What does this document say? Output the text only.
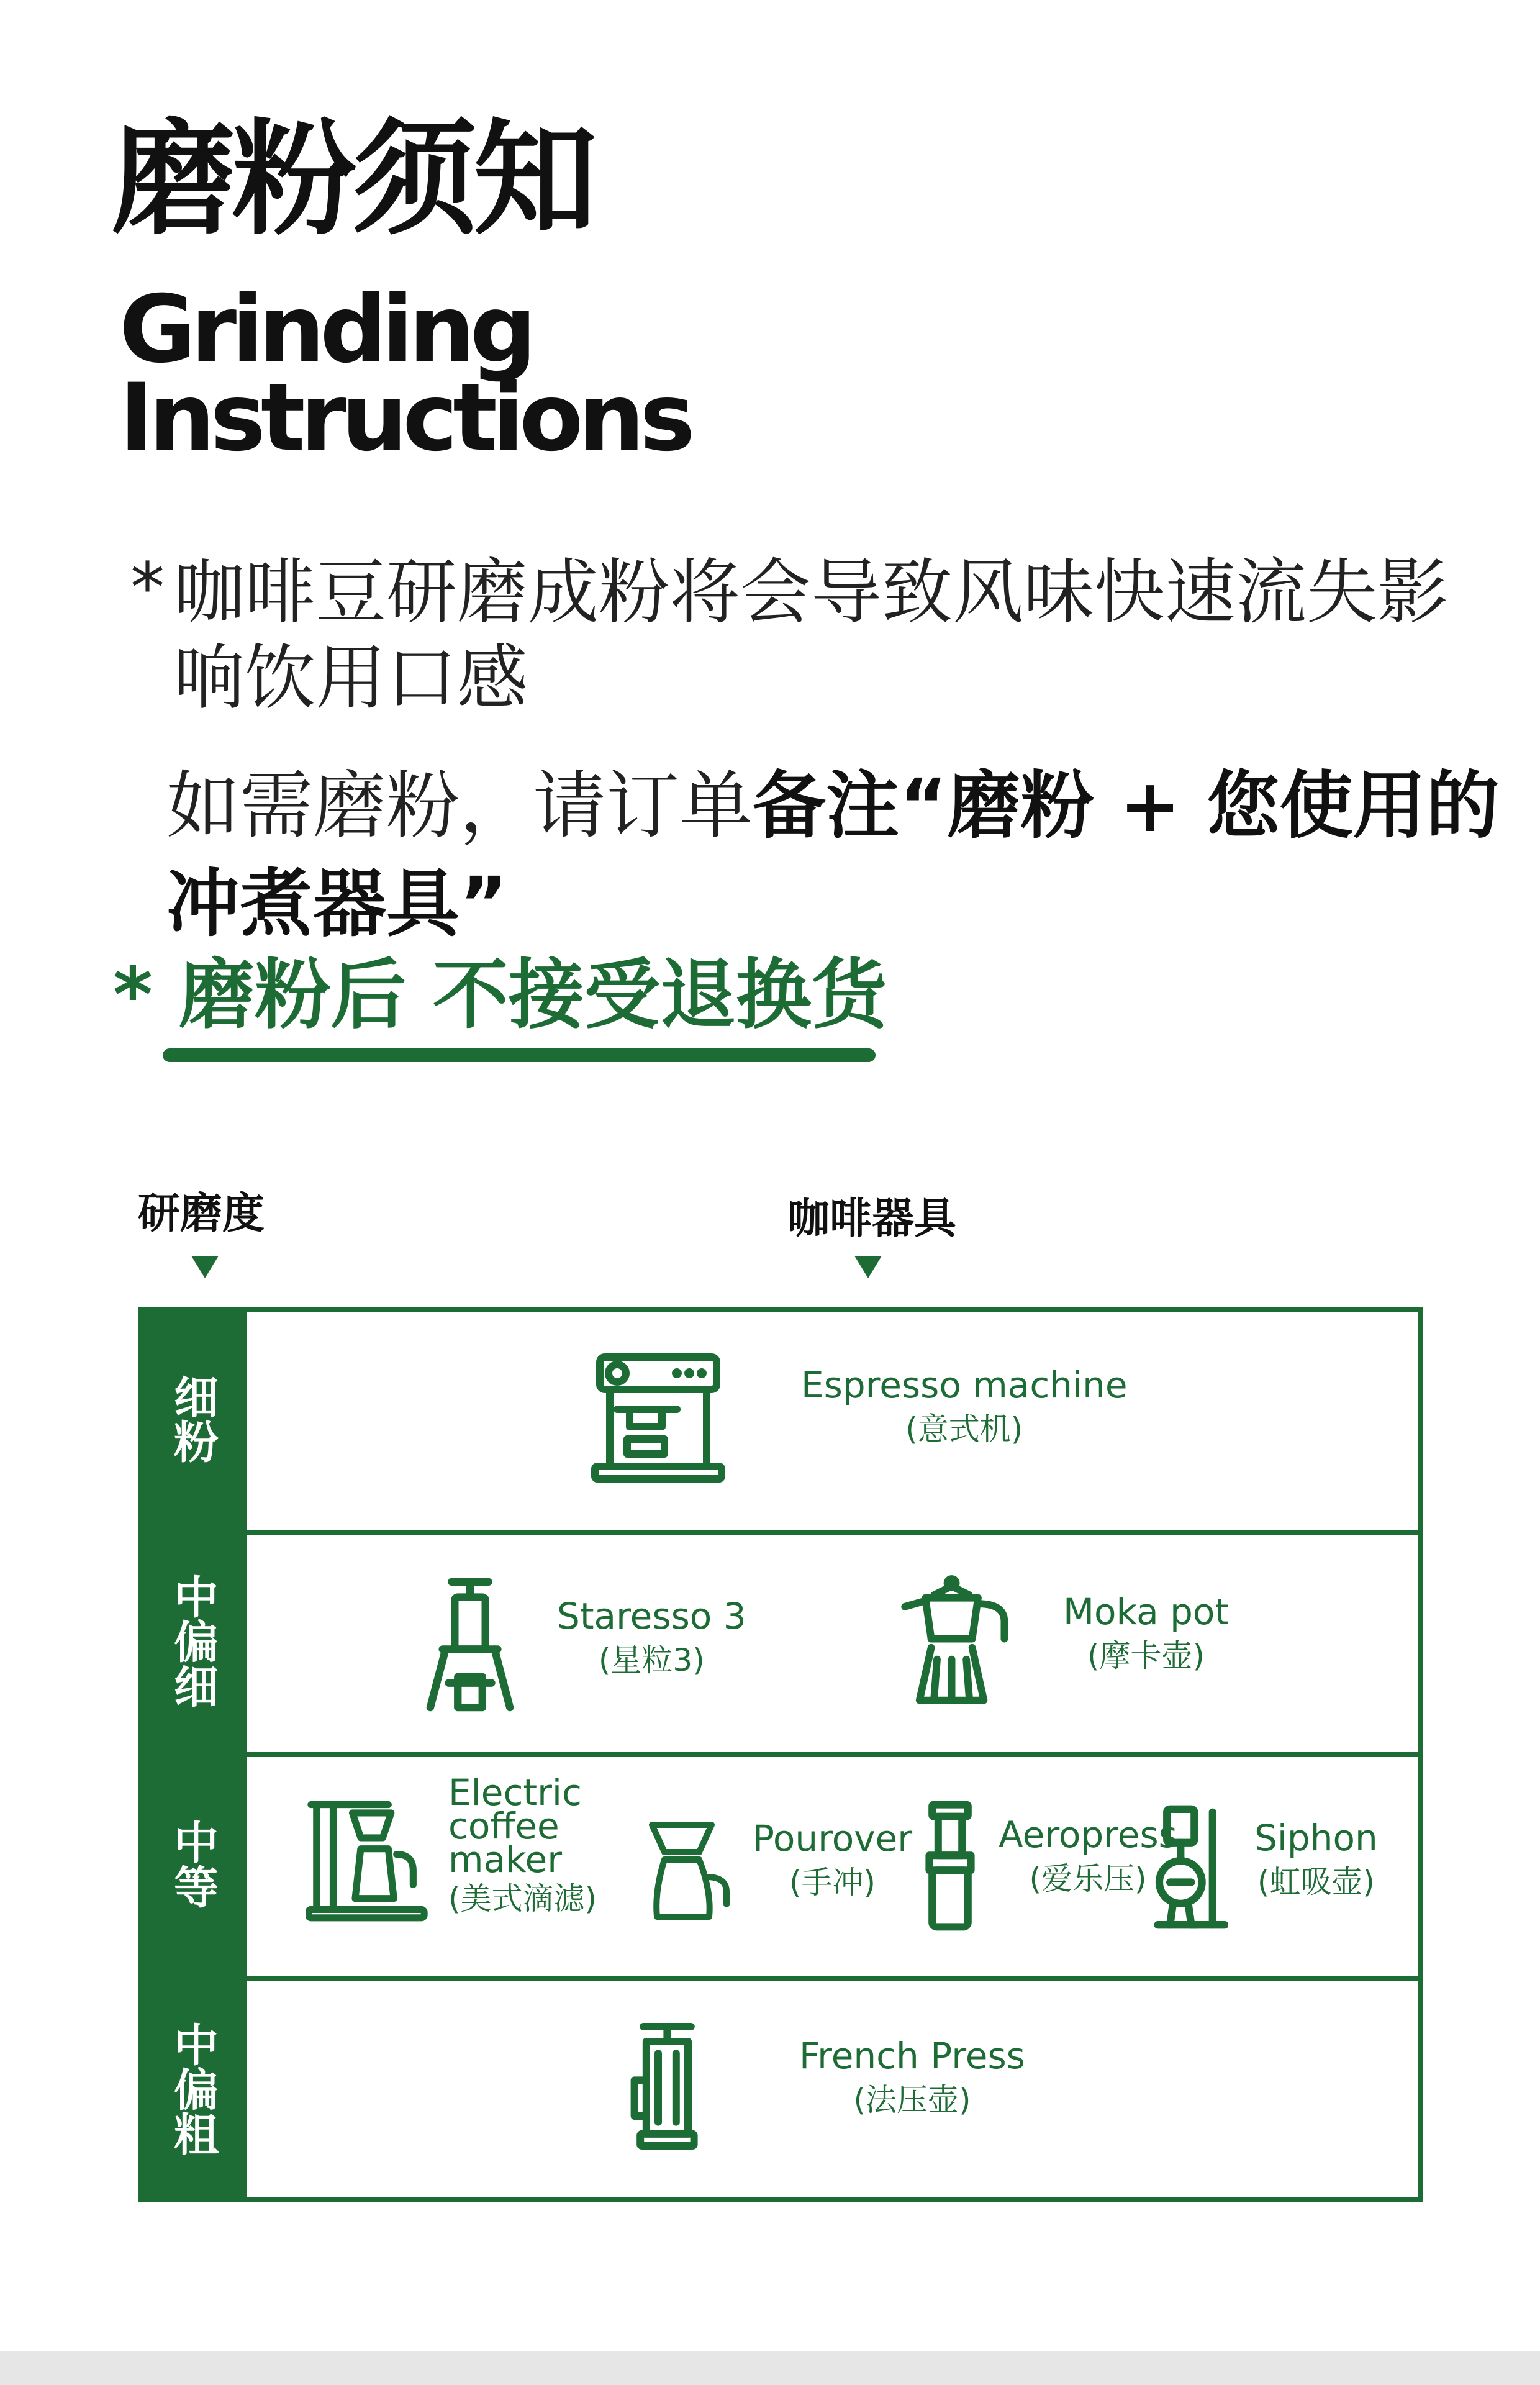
磨粉须知
Grinding
Instructions
* 咖啡豆研磨成粉将会导致风味快速流失影响饮用口感
如需磨粉，请订单备注“磨粉 + 您使用的冲煮器具”
* 磨粉后 不接受退换货
研磨度	咖啡器具
细粉
中偏细
中等
中偏粗
Espresso machine
(意式机)
Staresso 3
(星粒3)
Moka pot
(摩卡壶)
Electric
coffee
maker
(美式滴滤)
Pourover
(手冲)
Aeropress
(爱乐压)
Siphon
(虹吸壶)
French Press
(法压壶)
